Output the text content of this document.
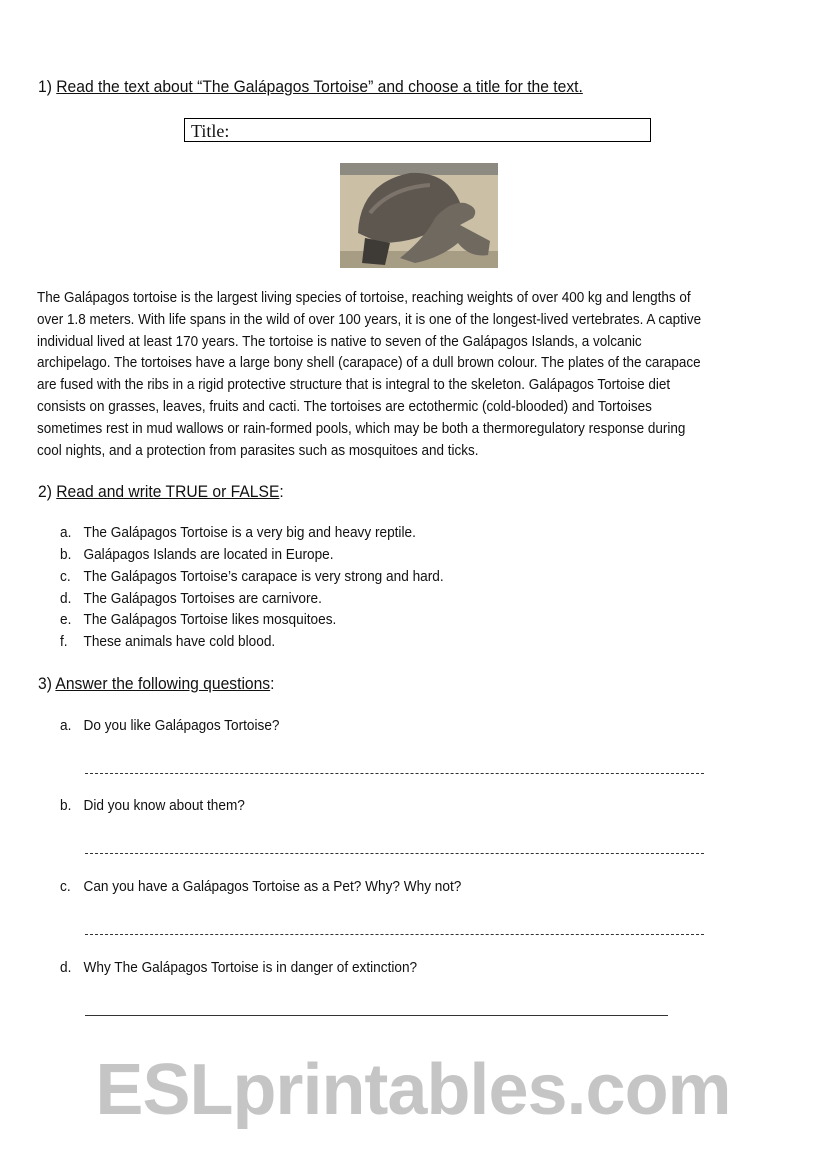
1) Read the text about “The Galápagos Tortoise” and choose a title for the text.
Title:

The Galápagos tortoise is the largest living species of tortoise, reaching weights of over 400 kg and lengths of

over 1.8 meters. With life spans in the wild of over 100 years, it is one of the longest-lived vertebrates. A captive

individual lived at least 170 years. The tortoise is native to seven of the Galápagos Islands, a volcanic

archipelago. The tortoises have a large bony shell (carapace) of a dull brown colour. The plates of the carapace

are fused with the ribs in a rigid protective structure that is integral to the skeleton. Galápagos Tortoise diet

consists on grasses, leaves, fruits and cacti. The tortoises are ectothermic (cold-blooded) and Tortoises

sometimes rest in mud wallows or rain-formed pools, which may be both a thermoregulatory response during

cool nights, and a protection from parasites such as mosquitoes and ticks.

2) Read and write TRUE or FALSE:
a. The Galápagos Tortoise is a very big and heavy reptile.
b. Galápagos Islands are located in Europe.
c. The Galápagos Tortoise’s carapace is very strong and hard.
d. The Galápagos Tortoises are carnivore.
e. The Galápagos Tortoise likes mosquitoes.
f. These animals have cold blood.
3) Answer the following questions:
a. Do you like Galápagos Tortoise?
b. Did you know about them?
c. Can you have a Galápagos Tortoise as a Pet? Why? Why not?
d. Why The Galápagos Tortoise is in danger of extinction?
ESLprintables.com
